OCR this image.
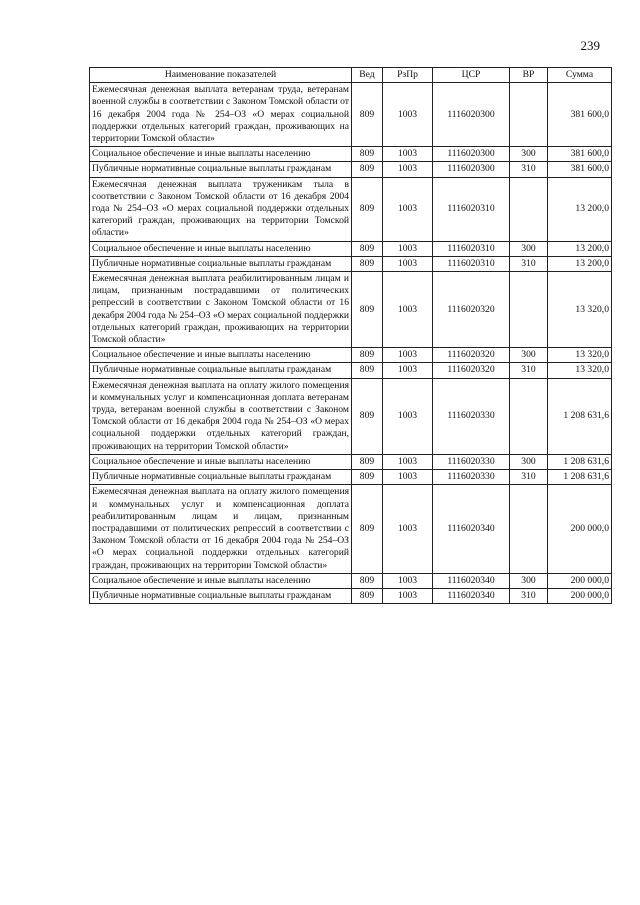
239
Наименование показателей	Вед	РзПр	ЦСР	ВР	Сумма
Ежемесячная денежная выплата ветеранам труда, ветеранам военной службы в соответствии с Законом Томской области от 16 декабря 2004 года № 254–ОЗ «О мерах социальной поддержки отдельных категорий граждан, проживающих на территории Томской области»	809	1003	1116020300		381 600,0
Социальное обеспечение и иные выплаты населению	809	1003	1116020300	300	381 600,0
Публичные нормативные социальные выплаты гражданам	809	1003	1116020300	310	381 600,0
Ежемесячная денежная выплата труженикам тыла в соответствии с Законом Томской области от 16 декабря 2004 года № 254–ОЗ «О мерах социальной поддержки отдельных категорий граждан, проживающих на территории Томской области»	809	1003	1116020310		13 200,0
Социальное обеспечение и иные выплаты населению	809	1003	1116020310	300	13 200,0
Публичные нормативные социальные выплаты гражданам	809	1003	1116020310	310	13 200,0
Ежемесячная денежная выплата реабилитированным лицам и лицам, признанным пострадавшими от политических репрессий в соответствии с Законом Томской области от 16 декабря 2004 года № 254–ОЗ «О мерах социальной поддержки отдельных категорий граждан, проживающих на территории Томской области»	809	1003	1116020320		13 320,0
Социальное обеспечение и иные выплаты населению	809	1003	1116020320	300	13 320,0
Публичные нормативные социальные выплаты гражданам	809	1003	1116020320	310	13 320,0
Ежемесячная денежная выплата на оплату жилого помещения и коммунальных услуг и компенсационная доплата ветеранам труда, ветеранам военной службы в соответствии с Законом Томской области от 16 декабря 2004 года № 254–ОЗ «О мерах социальной поддержки отдельных категорий граждан, проживающих на территории Томской области»	809	1003	1116020330		1 208 631,6
Социальное обеспечение и иные выплаты населению	809	1003	1116020330	300	1 208 631,6
Публичные нормативные социальные выплаты гражданам	809	1003	1116020330	310	1 208 631,6
Ежемесячная денежная выплата на оплату жилого помещения и коммунальных услуг и компенсационная доплата реабилитированным лицам и лицам, признанным пострадавшими от политических репрессий в соответствии с Законом Томской области от 16 декабря 2004 года № 254–ОЗ «О мерах социальной поддержки отдельных категорий граждан, проживающих на территории Томской области»	809	1003	1116020340		200 000,0
Социальное обеспечение и иные выплаты населению	809	1003	1116020340	300	200 000,0
Публичные нормативные социальные выплаты гражданам	809	1003	1116020340	310	200 000,0
